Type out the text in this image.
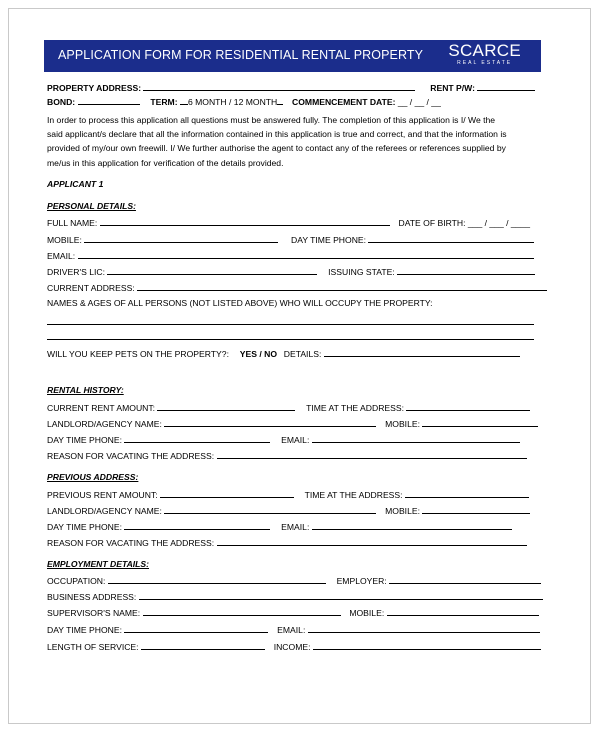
APPLICATION FORM FOR RESIDENTIAL RENTAL PROPERTY SCARCE
REAL ESTATE
PROPERTY ADDRESS:	RENT P/W:
BOND:	TERM: 6 MONTH / 12 MONTH COMMENCEMENT DATE: __ / __ / __
In order to process this application all questions must be answered fully. The completion of this application is I/ We the
said applicant/s declare that all the information contained in this application is true and correct, and that the information is
provided of my/our own freewill. I/ We further authorise the agent to contact any of the referees or references supplied by
me/us in this application for verification of the details provided.
APPLICANT 1
PERSONAL DETAILS:
FULL NAME:	DATE OF BIRTH: ___ / ___ / ____
MOBILE:	DAY TIME PHONE:
EMAIL:
DRIVER'S LIC:	ISSUING STATE:
CURRENT ADDRESS:
NAMES & AGES OF ALL PERSONS (NOT LISTED ABOVE) WHO WILL OCCUPY THE PROPERTY:
WILL YOU KEEP PETS ON THE PROPERTY?: YES / NO DETAILS:
RENTAL HISTORY:
CURRENT RENT AMOUNT:	TIME AT THE ADDRESS:
LANDLORD/AGENCY NAME:	MOBILE:
DAY TIME PHONE:	EMAIL:
REASON FOR VACATING THE ADDRESS:
PREVIOUS ADDRESS:
PREVIOUS RENT AMOUNT:	TIME AT THE ADDRESS:
LANDLORD/AGENCY NAME:	MOBILE:
DAY TIME PHONE:	EMAIL:
REASON FOR VACATING THE ADDRESS:
EMPLOYMENT DETAILS:
OCCUPATION:	EMPLOYER:
BUSINESS ADDRESS:
SUPERVISOR'S NAME:	MOBILE:
DAY TIME PHONE:	EMAIL:
LENGTH OF SERVICE:	INCOME:
